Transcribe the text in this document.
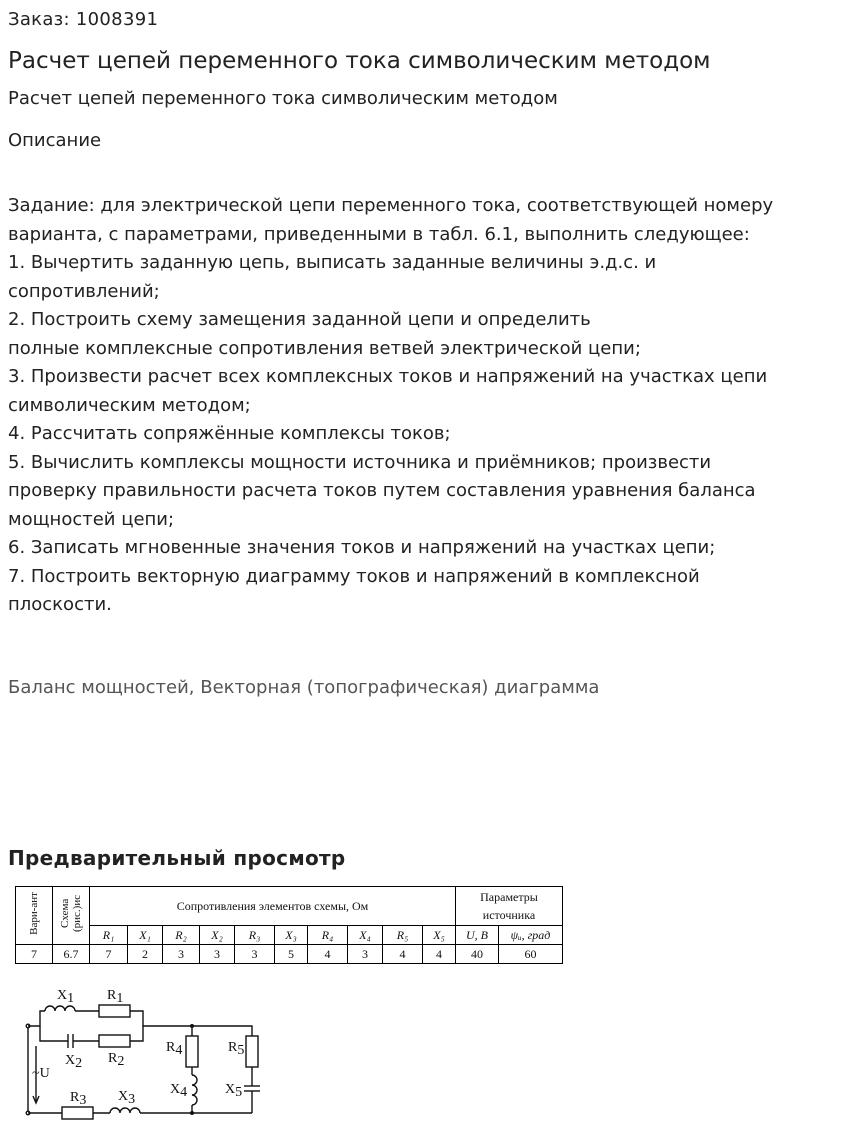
Заказ: 1008391
Расчет цепей переменного тока символическим методом
Расчет цепей переменного тока символическим методом
Описание
Задание: для электрической цепи переменного тока, соответствующей номеру
варианта, с параметрами, приведенными в табл. 6.1, выполнить следующее:
1. Вычертить заданную цепь, выписать заданные величины э.д.с. и
сопротивлений;
2. Построить схему замещения заданной цепи и определить
полные комплексные сопротивления ветвей электрической цепи;
3. Произвести расчет всех комплексных токов и напряжений на участках цепи
символическим методом;
4. Рассчитать сопряжённые комплексы токов;
5. Вычислить комплексы мощности источника и приёмников; произвести
проверку правильности расчета токов путем составления уравнения баланса
мощностей цепи;
6. Записать мгновенные значения токов и напряжений на участках цепи;
7. Построить векторную диаграмму токов и напряжений в комплексной
плоскости.
Баланс мощностей, Векторная (топографическая) диаграмма
Предварительный просмотр
Вари-ант	Схема (рис.)ис	Сопротивления элементов схемы, Ом										Параметры источника	
		R₁	X₁	R₂	X₂	R₃	X₃	R₄	X₄	R₅	X₅	U, В	ψᵤ, град
7	6.7	7	2	3	3	3	5	4	3	4	4	40	60
X1 R1
X2 R2
R4
X4
R5
X5
R3 X3
~U
